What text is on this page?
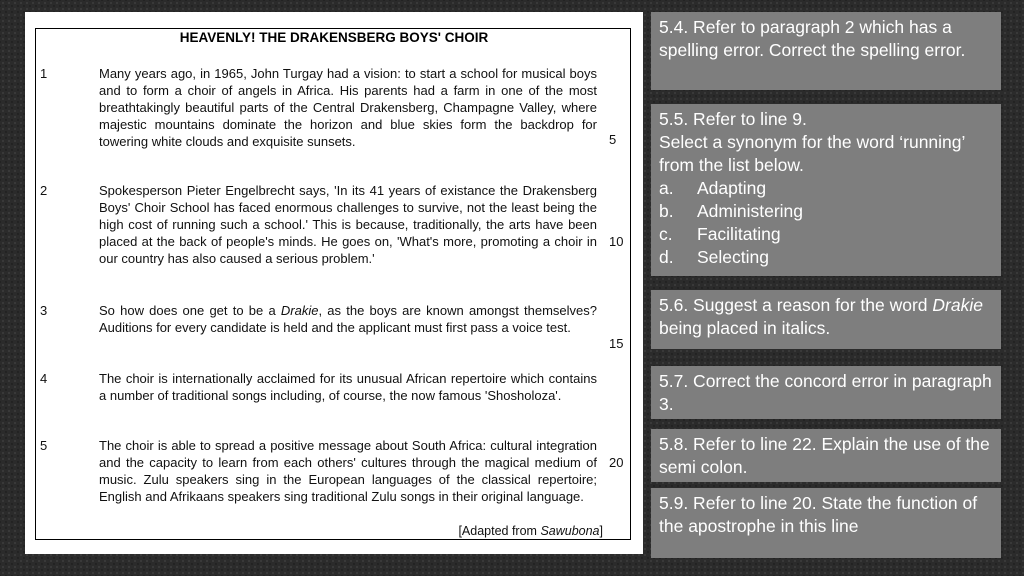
HEAVENLY! THE DRAKENSBERG BOYS' CHOIR
1	Many years ago, in 1965, John Turgay had a vision: to start a school for musical boys and to form a choir of angels in Africa. His parents had a farm in one of the most breathtakingly beautiful parts of the Central Drakensberg, Champagne Valley, where majestic mountains dominate the horizon and blue skies form the backdrop for towering white clouds and exquisite sunsets.
2	Spokesperson Pieter Engelbrecht says, 'In its 41 years of existance the Drakensberg Boys' Choir School has faced enormous challenges to survive, not the least being the high cost of running such a school.' This is because, traditionally, the arts have been placed at the back of people's minds. He goes on, 'What's more, promoting a choir in our country has also caused a serious problem.'
3	So how does one get to be a Drakie, as the boys are known amongst themselves? Auditions for every candidate is held and the applicant must first pass a voice test.
4	The choir is internationally acclaimed for its unusual African repertoire which contains a number of traditional songs including, of course, the now famous 'Shosholoza'.
5	The choir is able to spread a positive message about South Africa: cultural integration and the capacity to learn from each others' cultures through the magical medium of music. Zulu speakers sing in the European languages of the classical repertoire; English and Afrikaans speakers sing traditional Zulu songs in their original language.
5
10
15
20
[Adapted from Sawubona]
5.4. Refer to paragraph 2 which has a spelling error. Correct the spelling error.
5.5. Refer to line 9.
Select a synonym for the word ‘running’ from the list below.
a.	Adapting
b.	Administering
c.	Facilitating
d.	Selecting
5.6. Suggest a reason for the word Drakie being placed in italics.
5.7. Correct the concord error in paragraph 3.
5.8. Refer to line 22. Explain the use of the semi colon.
5.9. Refer to line 20. State the function of the apostrophe in this line
